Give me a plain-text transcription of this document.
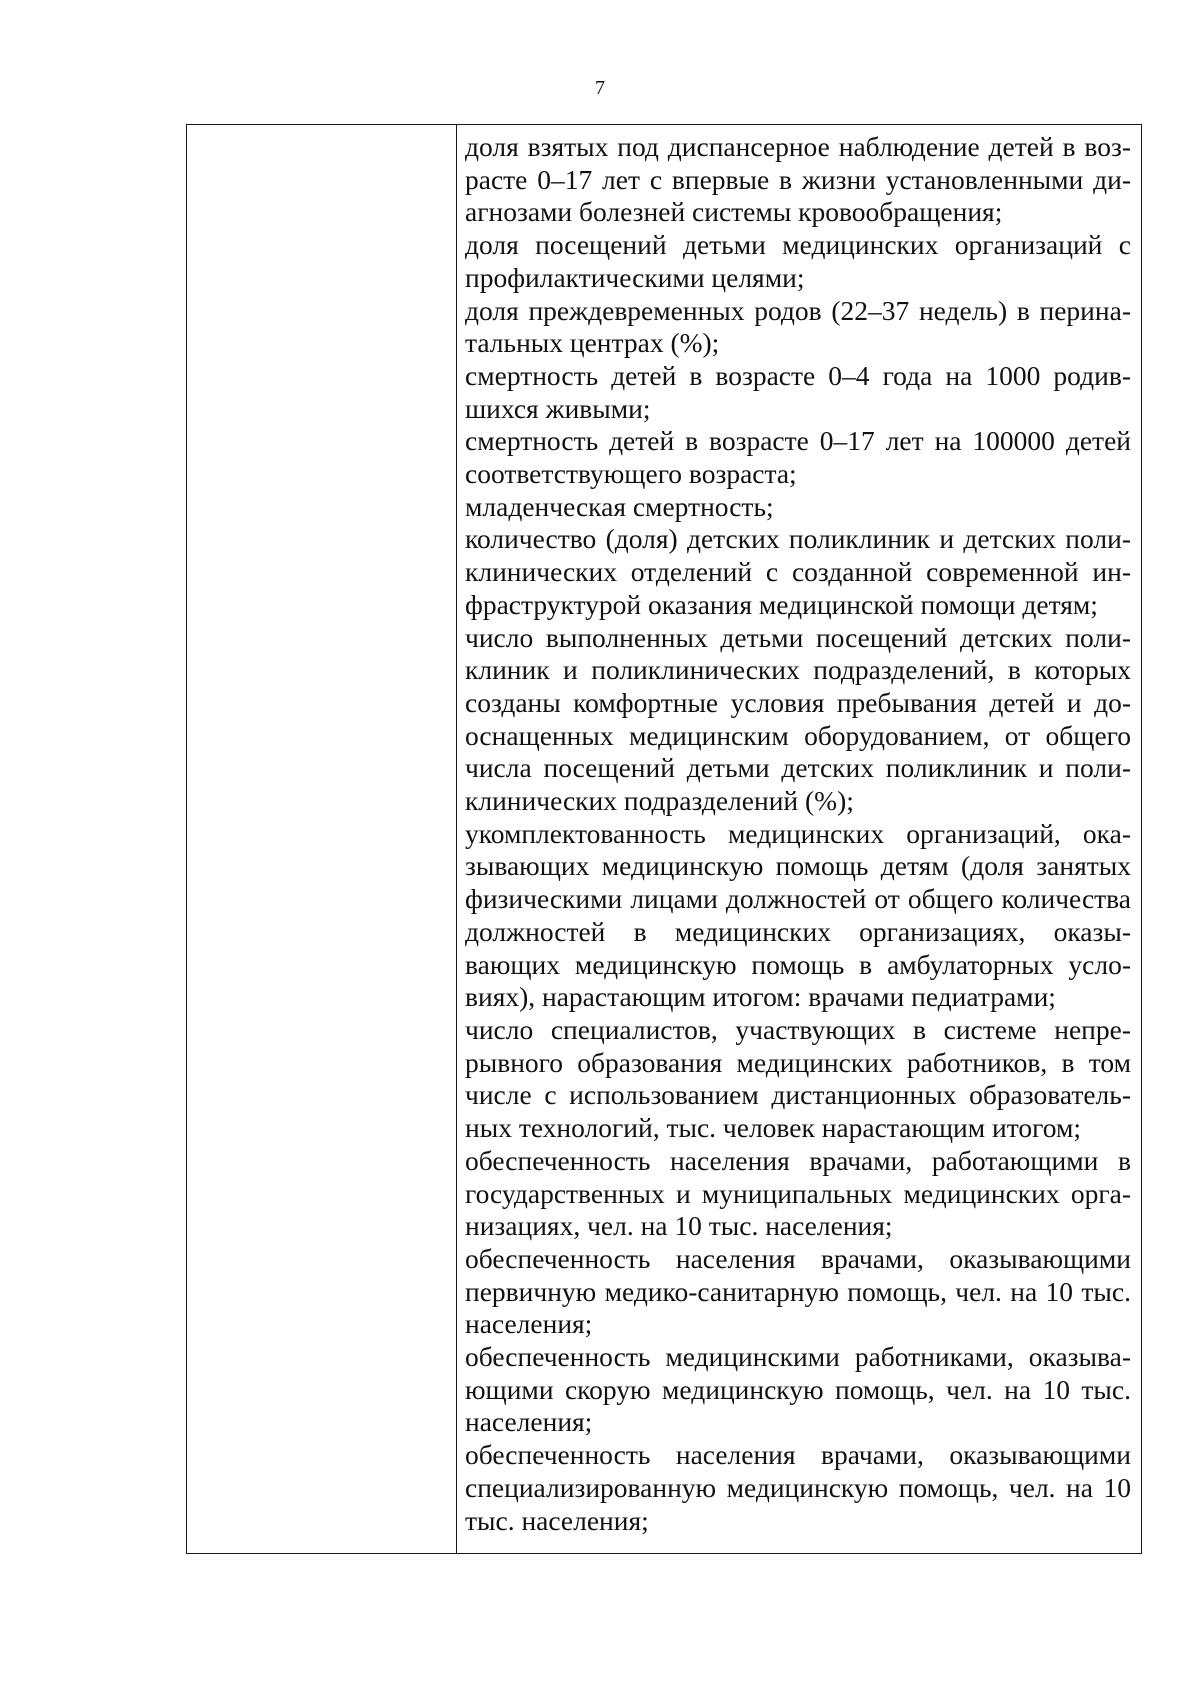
7

доля взятых под диспансерное наблюдение детей в возрасте 0–17 лет с впервые в жизни установленными диагнозами болезней системы кровообращения;

доля посещений детьми медицинских организаций с профилактическими целями;

доля преждевременных родов (22–37 недель) в перинатальных центрах (%);

смертность детей в возрасте 0–4 года на 1000 родившихся живыми;

смертность детей в возрасте 0–17 лет на 100000 детей соответствующего возраста;

младенческая смертность;

количество (доля) детских поликлиник и детских поликлинических отделений с созданной современной инфраструктурой оказания медицинской помощи детям;

число выполненных детьми посещений детских поликлиник и поликлинических подразделений, в которых созданы комфортные условия пребывания детей и дооснащенных медицинским оборудованием, от общего числа посещений детьми детских поликлиник и поликлинических подразделений (%);

укомплектованность медицинских организаций, оказывающих медицинскую помощь детям (доля занятых физическими лицами должностей от общего количества должностей в медицинских организациях, оказывающих медицинскую помощь в амбулаторных условиях), нарастающим итогом: врачами педиатрами;

число специалистов, участвующих в системе непрерывного образования медицинских работников, в том числе с использованием дистанционных образовательных технологий, тыс. человек нарастающим итогом;

обеспеченность населения врачами, работающими в государственных и муниципальных медицинских организациях, чел. на 10 тыс. населения;

обеспеченность населения врачами, оказывающими первичную медико-санитарную помощь, чел. на 10 тыс. населения;

обеспеченность медицинскими работниками, оказывающими скорую медицинскую помощь, чел. на 10 тыс. населения;

обеспеченность населения врачами, оказывающими специализированную медицинскую помощь, чел. на 10 тыс. населения;
